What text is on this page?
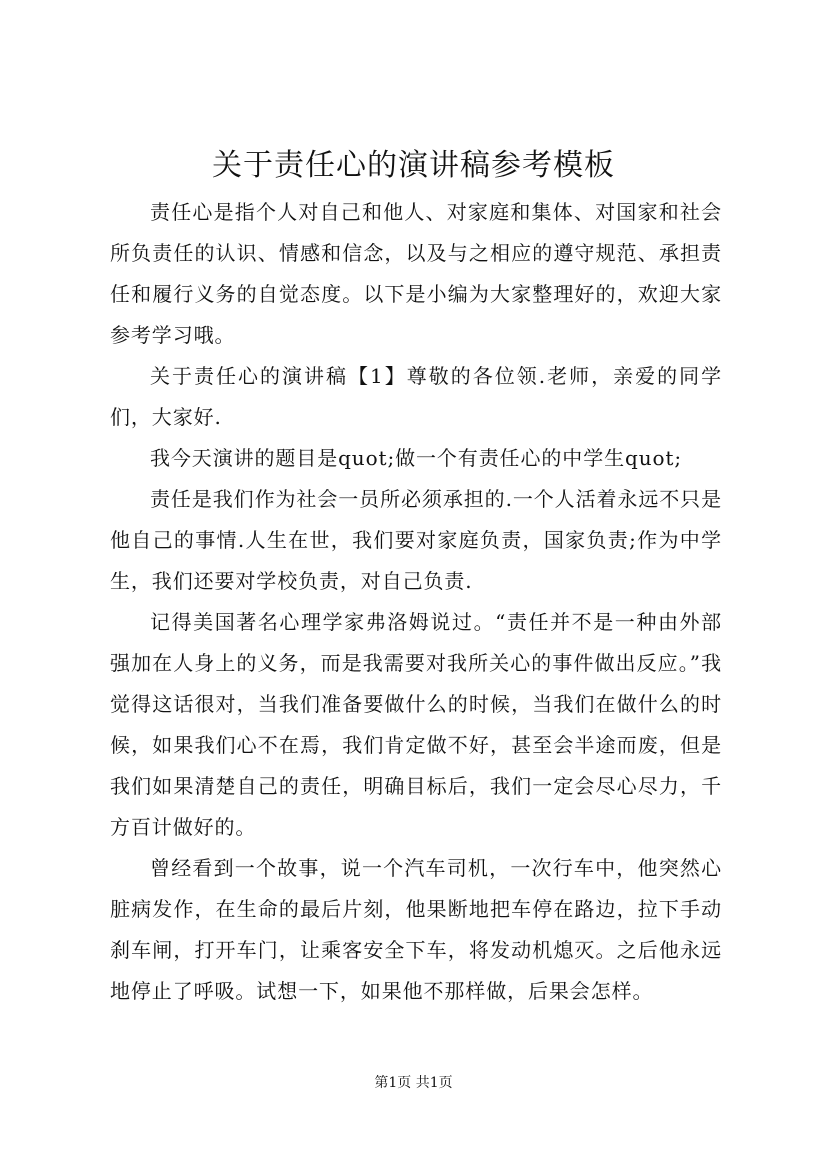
关于责任心的演讲稿参考模板

责任心是指个人对自己和他人、对家庭和集体、对国家和社会所负责任的认识、情感和信念，以及与之相应的遵守规范、承担责任和履行义务的自觉态度。以下是小编为大家整理好的，欢迎大家参考学习哦。

关于责任心的演讲稿【1】尊敬的各位领.老师，亲爱的同学们，大家好.

我今天演讲的题目是quot;做一个有责任心的中学生quot;

责任是我们作为社会一员所必须承担的.一个人活着永远不只是他自己的事情.人生在世，我们要对家庭负责，国家负责;作为中学生，我们还要对学校负责，对自己负责.

记得美国著名心理学家弗洛姆说过。“责任并不是一种由外部强加在人身上的义务，而是我需要对我所关心的事件做出反应。”我觉得这话很对，当我们准备要做什么的时候，当我们在做什么的时候，如果我们心不在焉，我们肯定做不好，甚至会半途而废，但是我们如果清楚自己的责任，明确目标后，我们一定会尽心尽力，千方百计做好的。

曾经看到一个故事，说一个汽车司机，一次行车中，他突然心脏病发作，在生命的最后片刻，他果断地把车停在路边，拉下手动刹车闸，打开车门，让乘客安全下车，将发动机熄灭。之后他永远地停止了呼吸。试想一下，如果他不那样做，后果会怎样。

第1页 共1页
